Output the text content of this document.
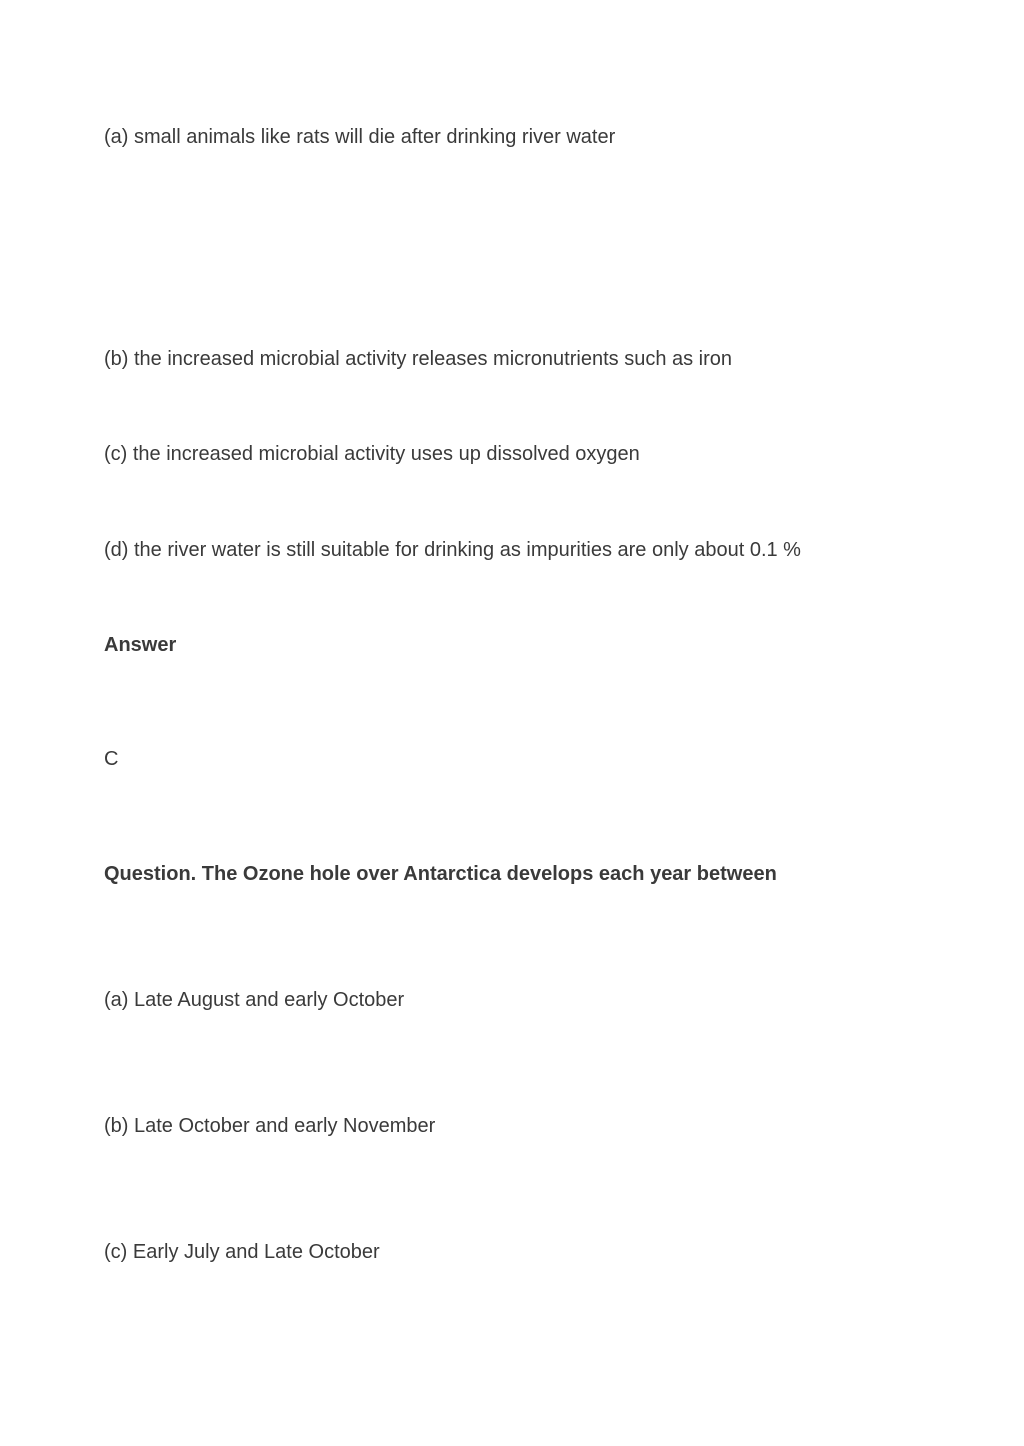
(a) small animals like rats will die after drinking river water

(b) the increased microbial activity releases micronutrients such as iron

(c) the increased microbial activity uses up dissolved oxygen

(d) the river water is still suitable for drinking as impurities are only about 0.1 %

Answer

C

Question. The Ozone hole over Antarctica develops each year between

(a) Late August and early October

(b) Late October and early November

(c) Early July and Late October
